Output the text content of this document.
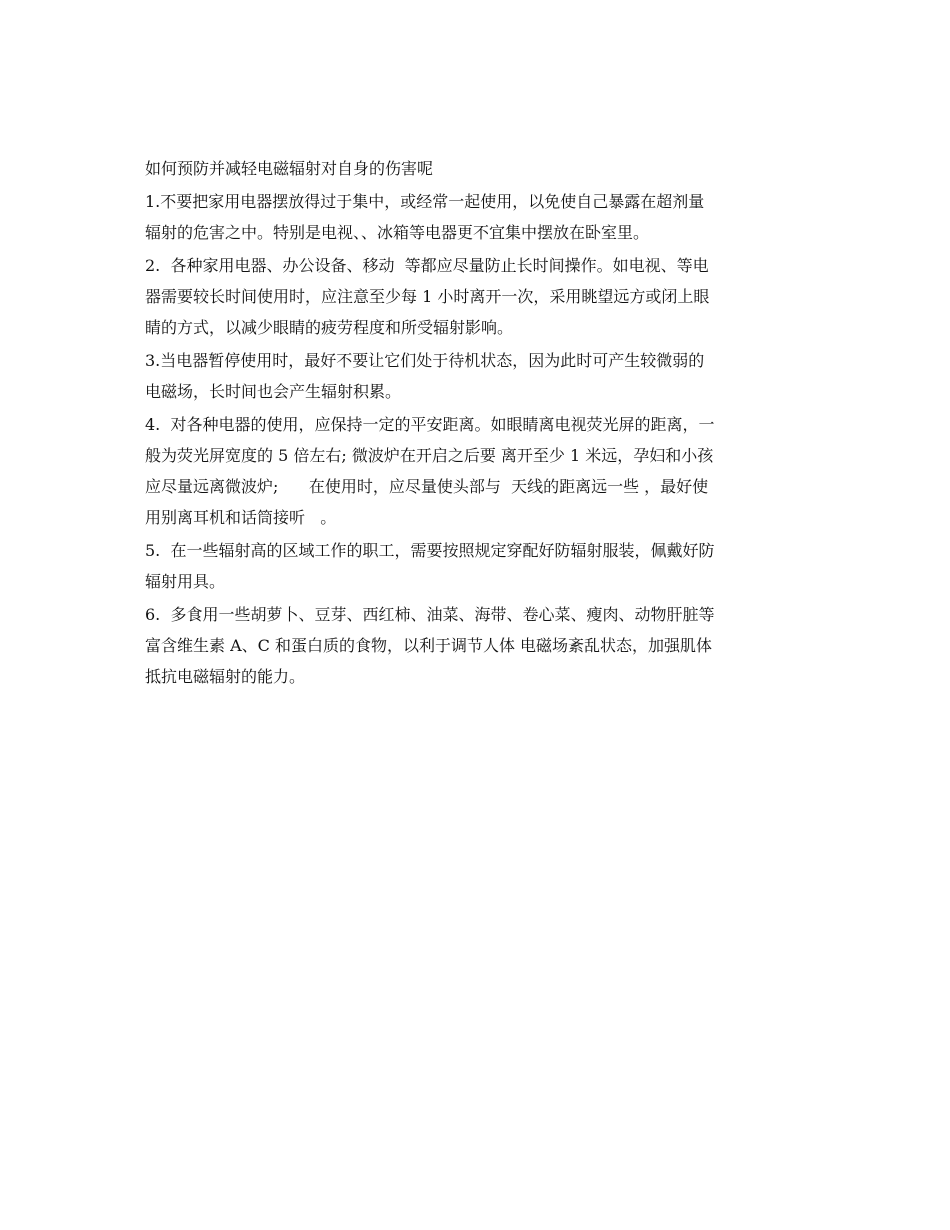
如何预防并减轻电磁辐射对自身的伤害呢
1.不要把家用电器摆放得过于集中，或经常一起使用，以免使自己暴露在超剂量
辐射的危害之中。特别是电视、、冰箱等电器更不宜集中摆放在卧室里。
2.  各种家用电器、办公设备、移动  等都应尽量防止长时间操作。如电视、等电
器需要较长时间使用时，应注意至少每 1 小时离开一次，采用眺望远方或闭上眼
睛的方式，以减少眼睛的疲劳程度和所受辐射影响。
3.当电器暂停使用时，最好不要让它们处于待机状态，因为此时可产生较微弱的
电磁场，长时间也会产生辐射积累。
4.  对各种电器的使用，应保持一定的平安距离。如眼睛离电视荧光屏的距离，一
般为荧光屏宽度的 5 倍左右; 微波炉在开启之后要 离开至少 1 米远，孕妇和小孩
应尽量远离微波炉;      在使用时，应尽量使头部与  天线的距离远一些 ，最好使
用别离耳机和话筒接听   。
5.  在一些辐射高的区域工作的职工，需要按照规定穿配好防辐射服装，佩戴好防
辐射用具。
6.  多食用一些胡萝卜、豆芽、西红柿、油菜、海带、卷心菜、瘦肉、动物肝脏等
富含维生素 A、C 和蛋白质的食物，以利于调节人体 电磁场紊乱状态，加强肌体
抵抗电磁辐射的能力。
